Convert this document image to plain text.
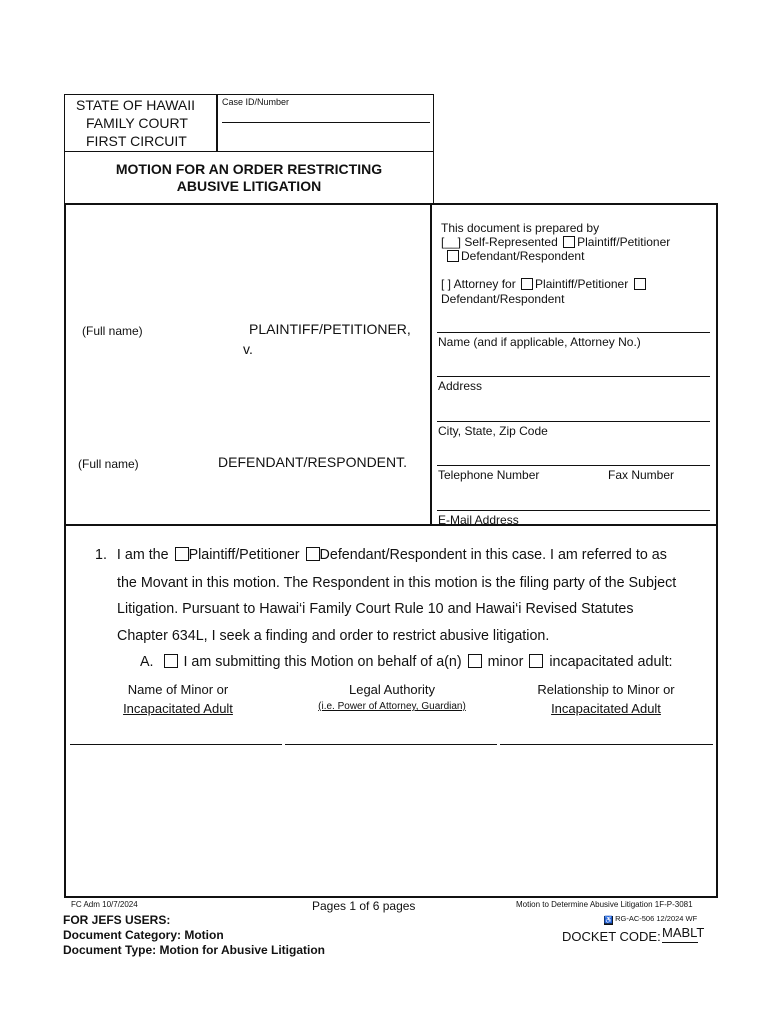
STATE OF HAWAII
FAMILY COURT
FIRST CIRCUIT
Case ID/Number
MOTION FOR AN ORDER RESTRICTING
ABUSIVE LITIGATION
(Full name)	PLAINTIFF/PETITIONER,
v.
(Full name)	DEFENDANT/RESPONDENT.
This document is prepared by
[__] Self-Represented Plaintiff/Petitioner
Defendant/Respondent
[ ] Attorney for Plaintiff/Petitioner
Defendant/Respondent
Name (and if applicable, Attorney No.)
Address
City, State, Zip Code
Telephone Number	Fax Number
E-Mail Address
1. I am the Plaintiff/Petitioner Defendant/Respondent in this case. I am referred to as
the Movant in this motion. The Respondent in this motion is the filing party of the Subject
Litigation. Pursuant to Hawai‘i Family Court Rule 10 and Hawai‘i Revised Statutes
Chapter 634L, I seek a finding and order to restrict abusive litigation.
A. I am submitting this Motion on behalf of a(n) minor incapacitated adult:
Name of Minor or
Incapacitated Adult
Legal Authority
(i.e. Power of Attorney, Guardian)
Relationship to Minor or
Incapacitated Adult
FC Adm 10/7/2024	Pages 1 of 6 pages	Motion to Determine Abusive Litigation 1F-P-3081
♿ RG-AC-506 12/2024 WF
FOR JEFS USERS:
Document Category: Motion
Document Type: Motion for Abusive Litigation
DOCKET CODE: MABLT
